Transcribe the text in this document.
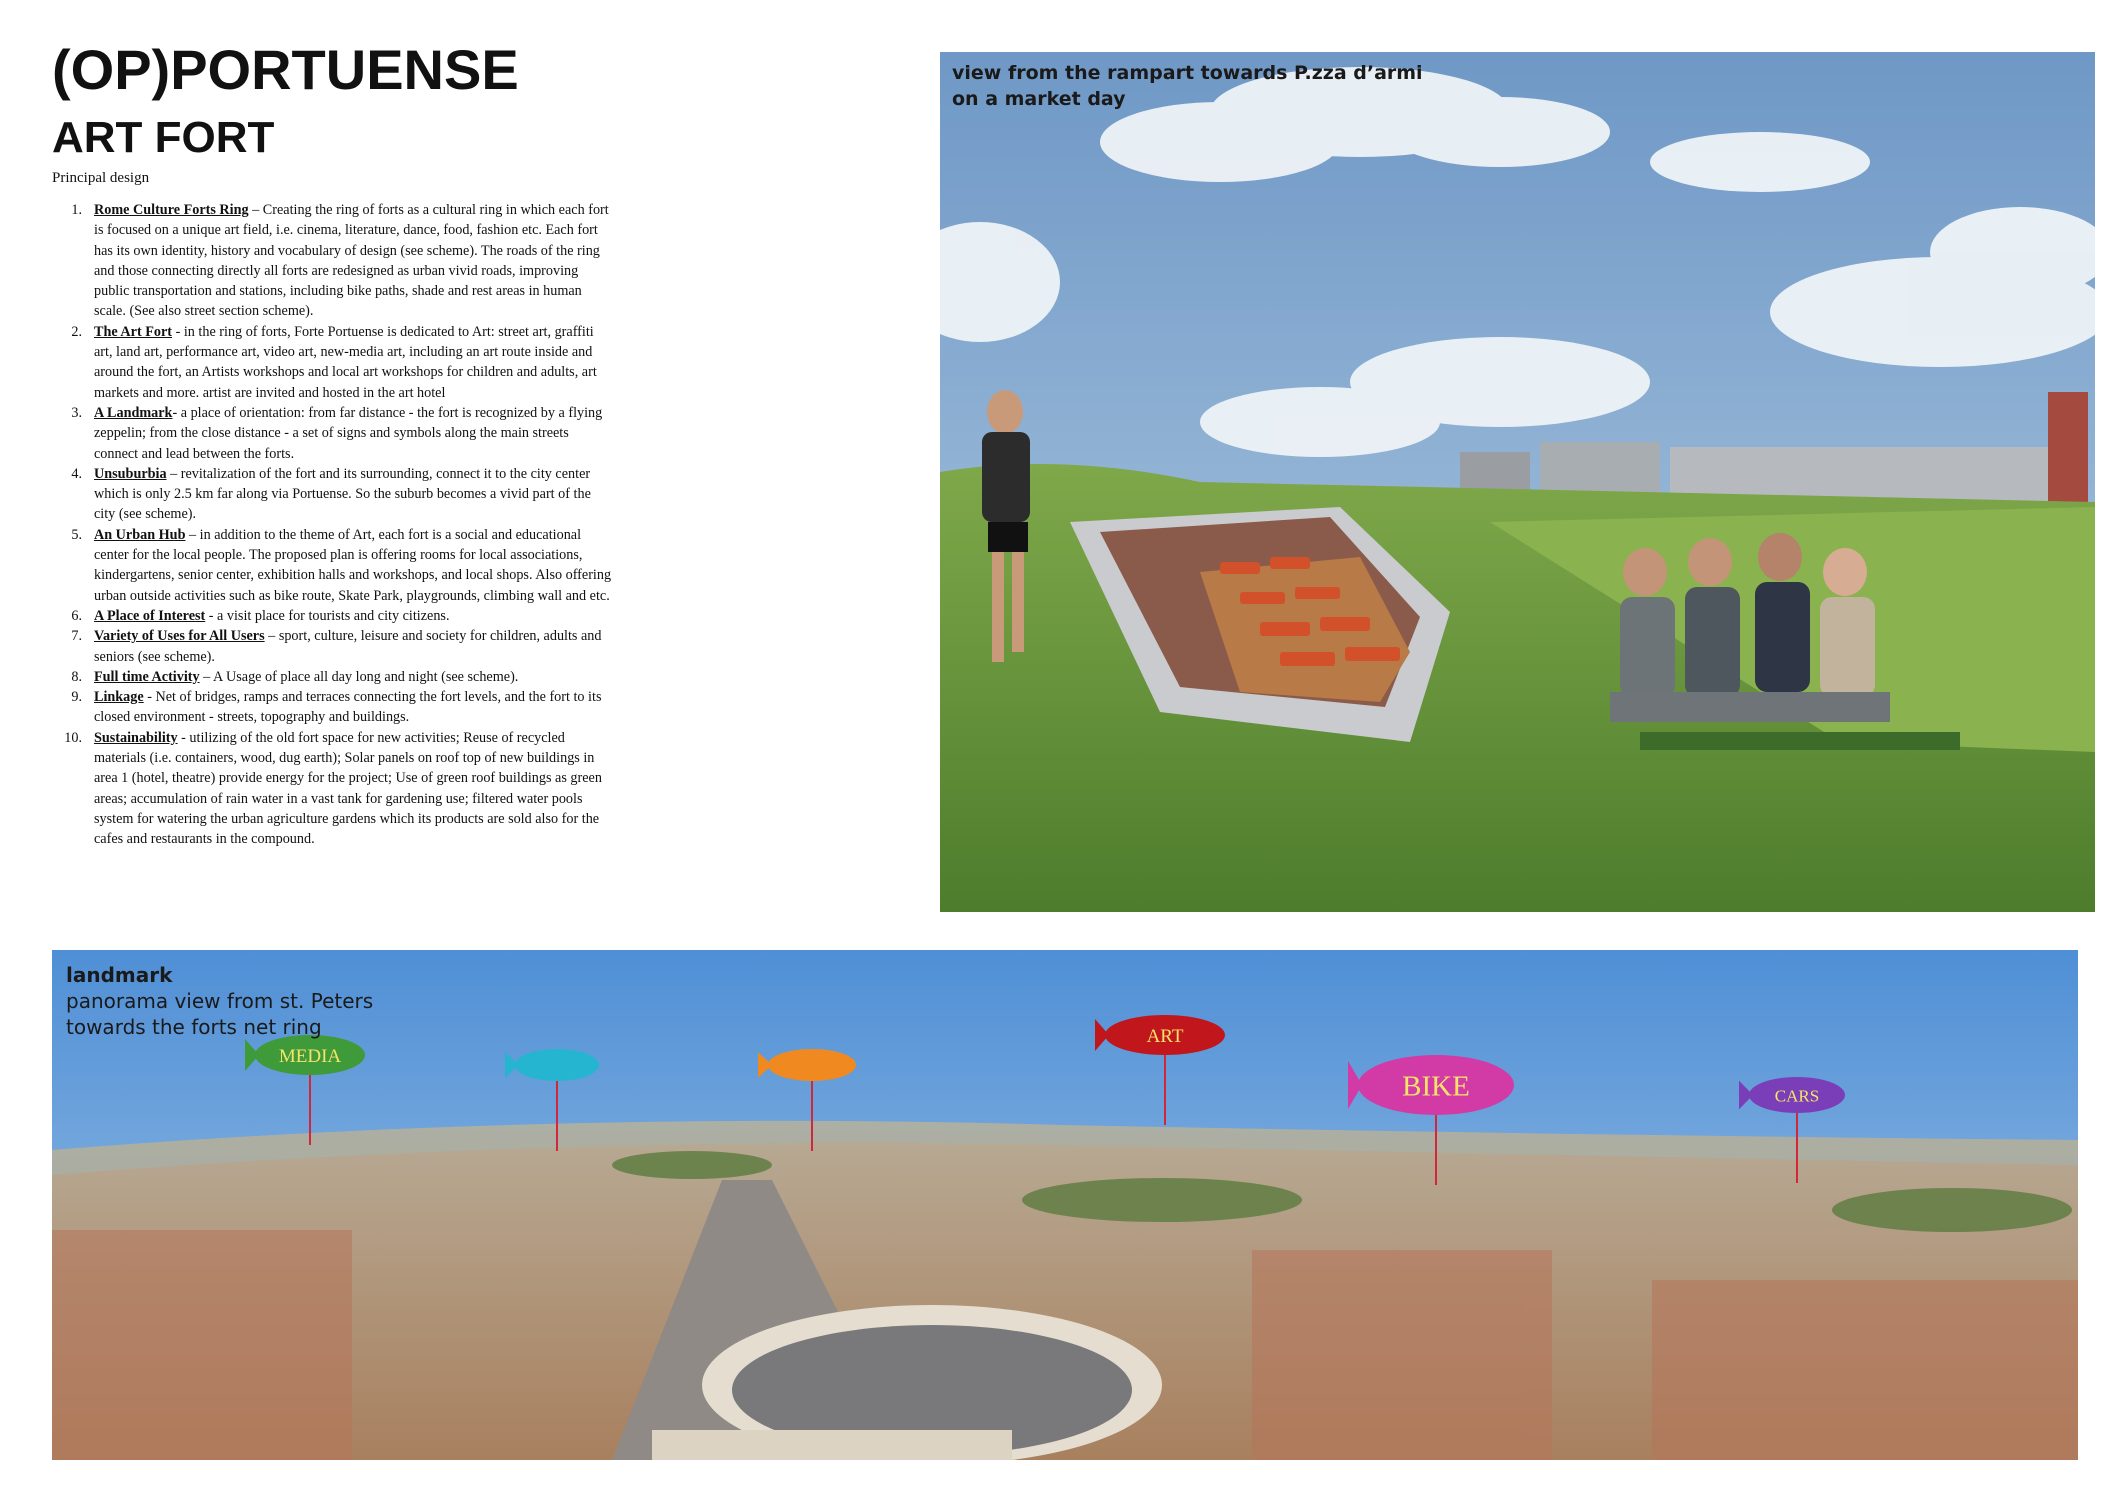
(OP)PORTUENSE
ART FORT
Principal design
1. Rome Culture Forts Ring – Creating the ring of forts as a cultural ring in which each fort is focused on a unique art field, i.e. cinema, literature, dance, food, fashion etc. Each fort has its own identity, history and vocabulary of design (see scheme). The roads of the ring and those connecting directly all forts are redesigned as urban vivid roads, improving public transportation and stations, including bike paths, shade and rest areas in human scale. (See also street section scheme).
2. The Art Fort - in the ring of forts, Forte Portuense is dedicated to Art: street art, graffiti art, land art, performance art, video art, new-media art, including an art route inside and around the fort, an Artists workshops and local art workshops for children and adults, art markets and more. artist are invited and hosted in the art hotel
3. A Landmark- a place of orientation: from far distance - the fort is recognized by a flying zeppelin; from the close distance - a set of signs and symbols along the main streets connect and lead between the forts.
4. Unsuburbia – revitalization of the fort and its surrounding, connect it to the city center which is only 2.5 km far along via Portuense. So the suburb becomes a vivid part of the city (see scheme).
5. An Urban Hub – in addition to the theme of Art, each fort is a social and educational center for the local people. The proposed plan is offering rooms for local associations, kindergartens, senior center, exhibition halls and workshops, and local shops. Also offering urban outside activities such as bike route, Skate Park, playgrounds, climbing wall and etc.
6. A Place of Interest - a visit place for tourists and city citizens.
7. Variety of Uses for All Users – sport, culture, leisure and society for children, adults and seniors (see scheme).
8. Full time Activity – A Usage of place all day long and night (see scheme).
9. Linkage - Net of bridges, ramps and terraces connecting the fort levels, and the fort to its closed environment - streets, topography and buildings.
10. Sustainability - utilizing of the old fort space for new activities; Reuse of recycled materials (i.e. containers, wood, dug earth); Solar panels on roof top of new buildings in area 1 (hotel, theatre) provide energy for the project; Use of green roof buildings as green areas; accumulation of rain water in a vast tank for gardening use; filtered water pools system for watering the urban agriculture gardens which its products are sold also for the cafes and restaurants in the compound.
view from the rampart towards P.zza d’armi
on a market day
MEDIA
ART
BIKE	CARS
landmark
panorama view from st. Peters
towards the forts net ring
